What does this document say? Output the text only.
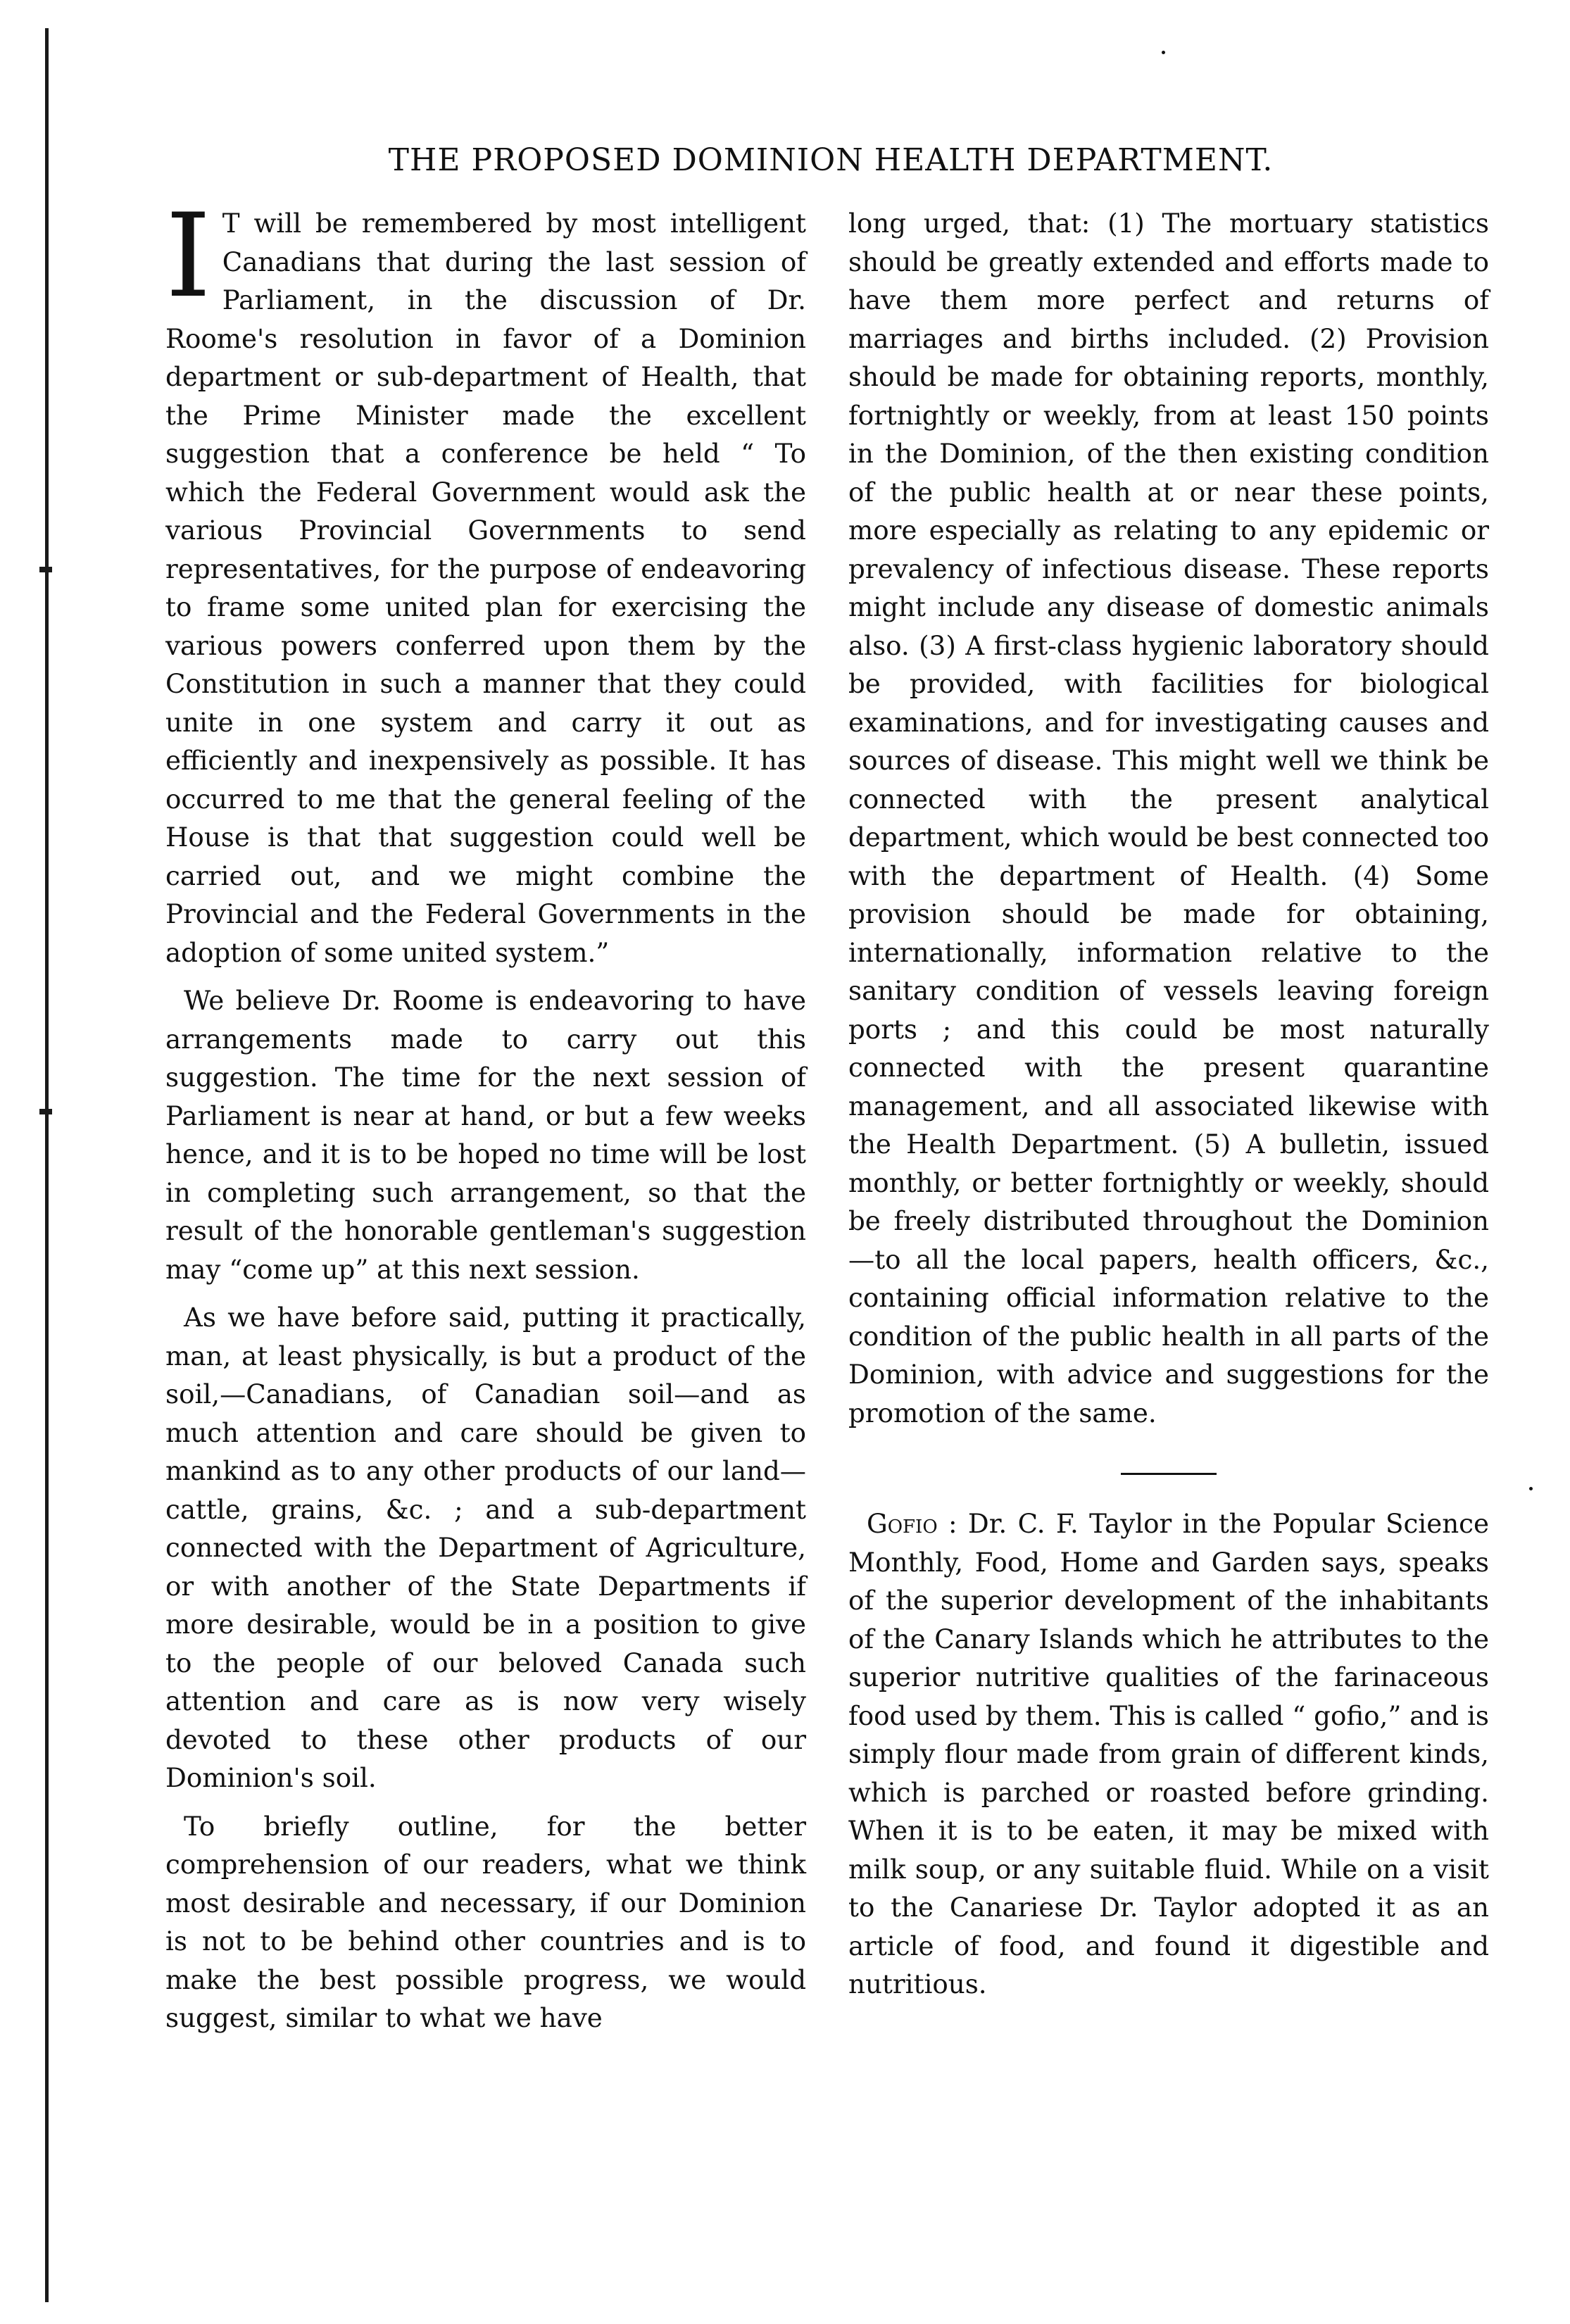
THE PROPOSED DOMINION HEALTH DEPARTMENT.

I T will be remembered by most intelligent Canadians that during the last session of Parliament, in the discussion of Dr. Roome's resolution in favor of a Dominion department or sub-department of Health, that the Prime Minister made the excellent suggestion that a conference be held “ To which the Federal Government would ask the various Provincial Governments to send representatives, for the purpose of endeavoring to frame some united plan for exercising the various powers conferred upon them by the Constitution in such a manner that they could unite in one system and carry it out as efficiently and inexpensively as possible. It has occurred to me that the general feeling of the House is that that suggestion could well be carried out, and we might combine the Provincial and the Federal Governments in the adoption of some united system.”

We believe Dr. Roome is endeavoring to have arrangements made to carry out this suggestion. The time for the next session of Parliament is near at hand, or but a few weeks hence, and it is to be hoped no time will be lost in completing such arrangement, so that the result of the honorable gentleman's suggestion may “come up” at this next session.

As we have before said, putting it practically, man, at least physically, is but a product of the soil,—Canadians, of Canadian soil—and as much attention and care should be given to mankind as to any other products of our land—cattle, grains, &c. ; and a sub-department connected with the Department of Agriculture, or with another of the State Departments if more desirable, would be in a position to give to the people of our beloved Canada such attention and care as is now very wisely devoted to these other products of our Dominion's soil.

To briefly outline, for the better comprehension of our readers, what we think most desirable and necessary, if our Dominion is not to be behind other countries and is to make the best possible progress, we would suggest, similar to what we have

long urged, that: (1) The mortuary statistics should be greatly extended and efforts made to have them more perfect and returns of marriages and births included. (2) Provision should be made for obtaining reports, monthly, fortnightly or weekly, from at least 150 points in the Dominion, of the then existing condition of the public health at or near these points, more especially as relating to any epidemic or prevalency of infectious disease. These reports might include any disease of domestic animals also. (3) A first-class hygienic laboratory should be provided, with facilities for biological examinations, and for investigating causes and sources of disease. This might well we think be connected with the present analytical department, which would be best connected too with the department of Health. (4) Some provision should be made for obtaining, internationally, information relative to the sanitary condition of vessels leaving foreign ports ; and this could be most naturally connected with the present quarantine management, and all associated likewise with the Health Department. (5) A bulletin, issued monthly, or better fortnightly or weekly, should be freely distributed throughout the Dominion —to all the local papers, health officers, &c., containing official information relative to the condition of the public health in all parts of the Dominion, with advice and suggestions for the promotion of the same.

Gofio : Dr. C. F. Taylor in the Popular Science Monthly, Food, Home and Garden says, speaks of the superior development of the inhabitants of the Canary Islands which he attributes to the superior nutritive qualities of the farinaceous food used by them. This is called “ gofio,” and is simply flour made from grain of different kinds, which is parched or roasted before grinding. When it is to be eaten, it may be mixed with milk soup, or any suitable fluid. While on a visit to the Canariese Dr. Taylor adopted it as an article of food, and found it digestible and nutritious.
